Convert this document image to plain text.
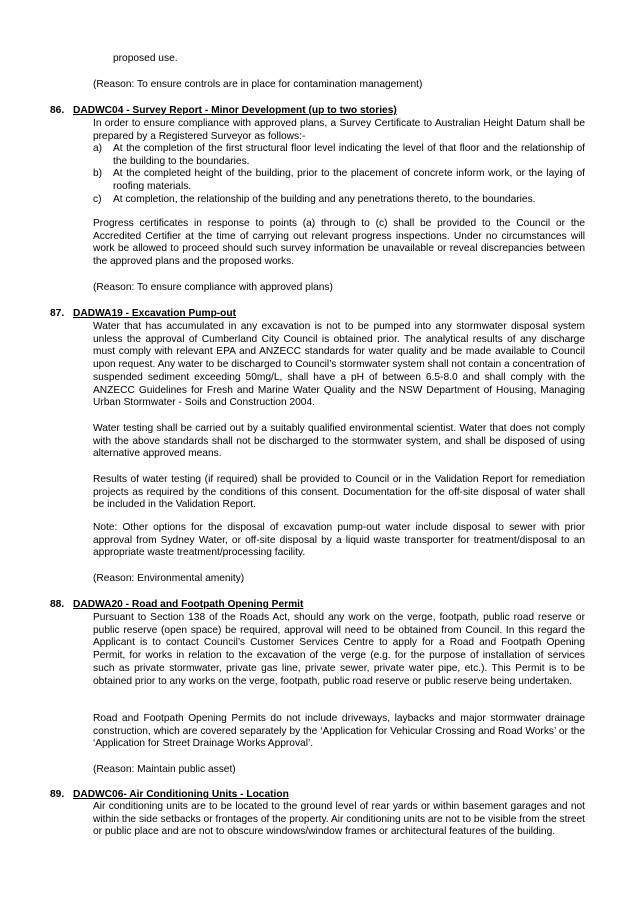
proposed use.

(Reason: To ensure controls are in place for contamination management)

86. DADWC04 - Survey Report - Minor Development (up to two stories)

In order to ensure compliance with approved plans, a Survey Certificate to Australian Height Datum shall be prepared by a Registered Surveyor as follows:-

a) At the completion of the first structural floor level indicating the level of that floor and the relationship of the building to the boundaries.
b) At the completed height of the building, prior to the placement of concrete inform work, or the laying of roofing materials.
c) At completion, the relationship of the building and any penetrations thereto, to the boundaries.

Progress certificates in response to points (a) through to (c) shall be provided to the Council or the Accredited Certifier at the time of carrying out relevant progress inspections. Under no circumstances will work be allowed to proceed should such survey information be unavailable or reveal discrepancies between the approved plans and the proposed works.

(Reason: To ensure compliance with approved plans)

87. DADWA19 - Excavation Pump-out

Water that has accumulated in any excavation is not to be pumped into any stormwater disposal system unless the approval of Cumberland City Council is obtained prior. The analytical results of any discharge must comply with relevant EPA and ANZECC standards for water quality and be made available to Council upon request. Any water to be discharged to Council’s stormwater system shall not contain a concentration of suspended sediment exceeding 50mg/L, shall have a pH of between 6.5-8.0 and shall comply with the ANZECC Guidelines for Fresh and Marine Water Quality and the NSW Department of Housing, Managing Urban Stormwater - Soils and Construction 2004.

Water testing shall be carried out by a suitably qualified environmental scientist. Water that does not comply with the above standards shall not be discharged to the stormwater system, and shall be disposed of using alternative approved means.

Results of water testing (if required) shall be provided to Council or in the Validation Report for remediation projects as required by the conditions of this consent. Documentation for the off-site disposal of water shall be included in the Validation Report.

Note: Other options for the disposal of excavation pump-out water include disposal to sewer with prior approval from Sydney Water, or off-site disposal by a liquid waste transporter for treatment/disposal to an appropriate waste treatment/processing facility.

(Reason: Environmental amenity)

88. DADWA20 - Road and Footpath Opening Permit

Pursuant to Section 138 of the Roads Act, should any work on the verge, footpath, public road reserve or public reserve (open space) be required, approval will need to be obtained from Council. In this regard the Applicant is to contact Council’s Customer Services Centre to apply for a Road and Footpath Opening Permit, for works in relation to the excavation of the verge (e.g. for the purpose of installation of services such as private stormwater, private gas line, private sewer, private water pipe, etc.). This Permit is to be obtained prior to any works on the verge, footpath, public road reserve or public reserve being undertaken.

Road and Footpath Opening Permits do not include driveways, laybacks and major stormwater drainage construction, which are covered separately by the ‘Application for Vehicular Crossing and Road Works’ or the ‘Application for Street Drainage Works Approval’.

(Reason: Maintain public asset)

89. DADWC06- Air Conditioning Units - Location

Air conditioning units are to be located to the ground level of rear yards or within basement garages and not within the side setbacks or frontages of the property. Air conditioning units are not to be visible from the street or public place and are not to obscure windows/window frames or architectural features of the building.
